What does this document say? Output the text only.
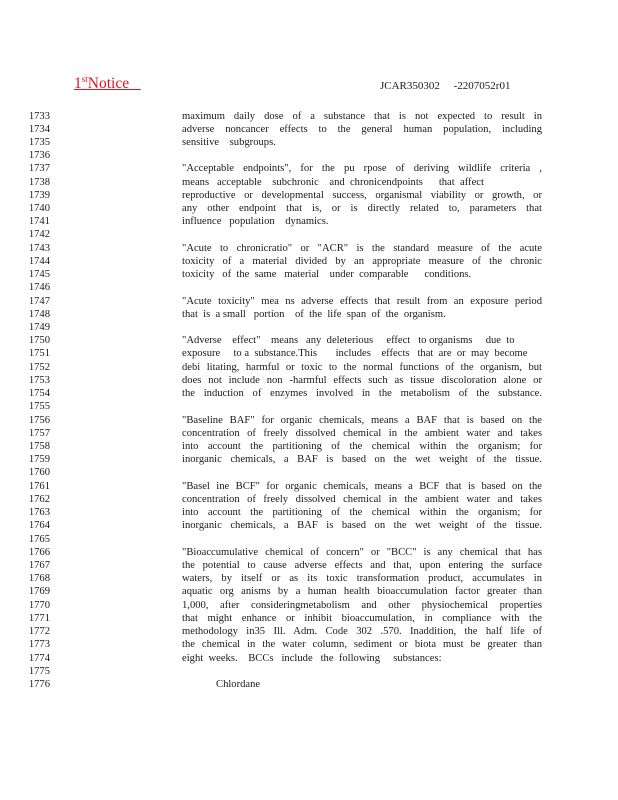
1stNotice	JCAR350302     -2207052r01
1733	maximum daily dose of a substance that is not expected to result in
1734	adverse noncancer effects to the general human population, including
1735	sensitive    subgroups.
1736
1737	"Acceptable endpoints", for the pu rpose of deriving wildlife criteria ,
1738	means   acceptable    subchronic    and  chronicendpoints      that  affect
1739	reproductive or developmental success, organismal viability or growth, or
1740	any other endpoint that is, or is directly related to, parameters that
1741	influence   population    dynamics.
1742
1743	"Acute to chronicratio" or "ACR" is the standard measure of the acute
1744	toxicity of a material divided by an appropriate measure of the chronic
1745	toxicity   of  the  same   material    under  comparable      conditions.
1746
1747	"Acute toxicity" mea ns adverse effects that result from an exposure period
1748	that  is  a small   portion    of  the  life  span  of  the  organism.
1749
1750	"Adverse    effect"    means   any  deleterious     effect   to organisms     due  to
1751	exposure     to a  substance.This       includes    effects   that  are  or  may  become
1752	debi litating, harmful or toxic to the normal functions of the organism, but
1753	does not include non -harmful effects such as tissue discoloration alone or
1754	the induction of enzymes involved in the metabolism of the substance.
1755
1756	"Baseline BAF" for organic chemicals, means a BAF that is based on the
1757	concentration of freely dissolved chemical in the ambient water and takes
1758	into account the partitioning of the chemical within the organism; for
1759	inorganic chemicals, a BAF is based on the wet weight of the tissue.
1760
1761	"Basel ine BCF" for organic chemicals, means a BCF that is based on the
1762	concentration of freely dissolved chemical in the ambient water and takes
1763	into account the partitioning of the chemical within the organism; for
1764	inorganic chemicals, a BAF is based on the wet weight of the tissue.
1765
1766	"Bioaccumulative chemical of concern" or "BCC" is any chemical that has
1767	the potential to cause adverse effects and that, upon entering the surface
1768	waters, by itself or as its toxic transformation product, accumulates in
1769	aquatic org anisms by a human health bioaccumulation factor greater than
1770	1,000, after consideringmetabolism and other physiochemical properties
1771	that might enhance or inhibit bioaccumulation, in compliance with the
1772	methodology in35 Ill. Adm. Code 302 .570. Inaddition, the half life of
1773	the chemical in the water column, sediment or biota must be greater than
1774	eight  weeks.    BCCs   include   the  following     substances:
1775
1776	Chlordane
